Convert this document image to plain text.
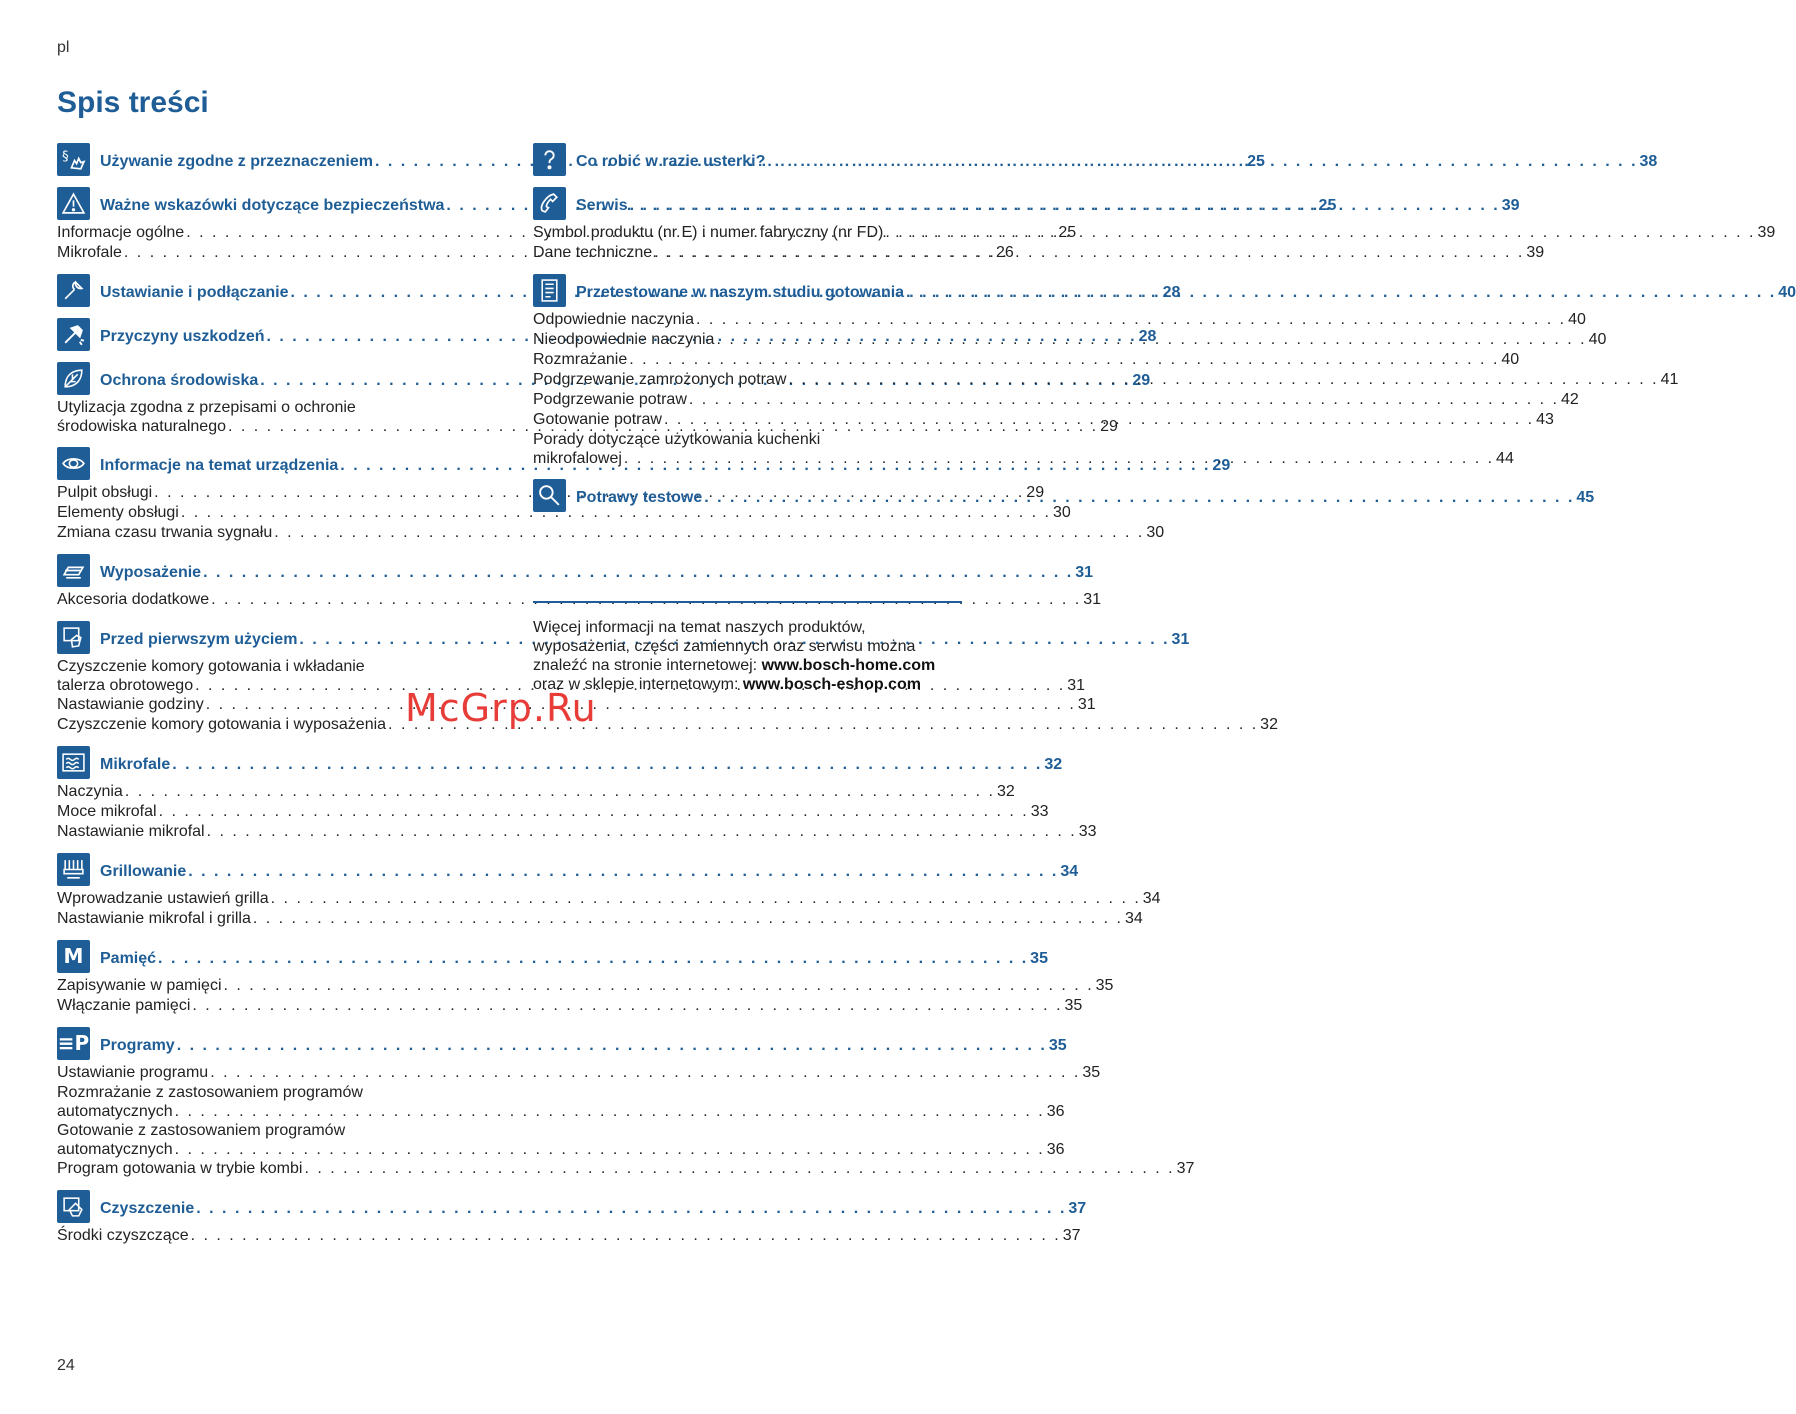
pl
Spis treści
§ Używanie zgodne z przeznaczeniem . . .	25
Ważne wskazówki dotyczące bezpieczeństwa . . .	25
Informacje ogólne . . .	25
Mikrofale . . .	26
Ustawianie i podłączanie . . .	28
Przyczyny uszkodzeń . . .	28
Ochrona środowiska . . .	29
Utylizacja zgodna z przepisami o ochronie
środowiska naturalnego . . .	29
Informacje na temat urządzenia . . .	29
Pulpit obsługi . . .	29
Elementy obsługi . . .	30
Zmiana czasu trwania sygnału . . .	30
Wyposażenie . . .	31
Akcesoria dodatkowe . . .	31
Przed pierwszym użyciem . . .	31
Czyszczenie komory gotowania i wkładanie
talerza obrotowego . . .	31
Nastawianie godziny . . .	31
Czyszczenie komory gotowania i wyposażenia . . .	32
Mikrofale . . .	32
Naczynia . . .	32
Moce mikrofal . . .	33
Nastawianie mikrofal . . .	33
Grillowanie . . .	34
Wprowadzanie ustawień grilla . . .	34
Nastawianie mikrofal i grilla . . .	34
M Pamięć . . .	35
Zapisywanie w pamięci . . .	35
Włączanie pamięci . . .	35
≡P Programy . . .	35
Ustawianie programu . . .	35
Rozmrażanie z zastosowaniem programów
automatycznych . . .	36
Gotowanie z zastosowaniem programów
automatycznych . . .	36
Program gotowania w trybie kombi . . .	37
Czyszczenie . . .	37
Środki czyszczące . . .	37
Co robić w razie usterki? . . .	38
Serwis . . .	39
Symbol produktu (nr E) i numer fabryczny (nr FD) . . .	39
Dane techniczne . . .	39
Przetestowane w naszym studiu gotowania . . .	40
Odpowiednie naczynia . . .	40
Nieodpowiednie naczynia . . .	40
Rozmrażanie . . .	40
Podgrzewanie zamrożonych potraw . . .	41
Podgrzewanie potraw . . .	42
Gotowanie potraw . . .	43
Porady dotyczące użytkowania kuchenki
mikrofalowej . . .	44
Potrawy testowe . . .	45
Więcej informacji na temat naszych produktów,
wyposażenia, części zamiennych oraz serwisu można
znaleźć na stronie internetowej: www.bosch-home.com
oraz w sklepie internetowym: www.bosch-eshop.com
McGrp.Ru
24
